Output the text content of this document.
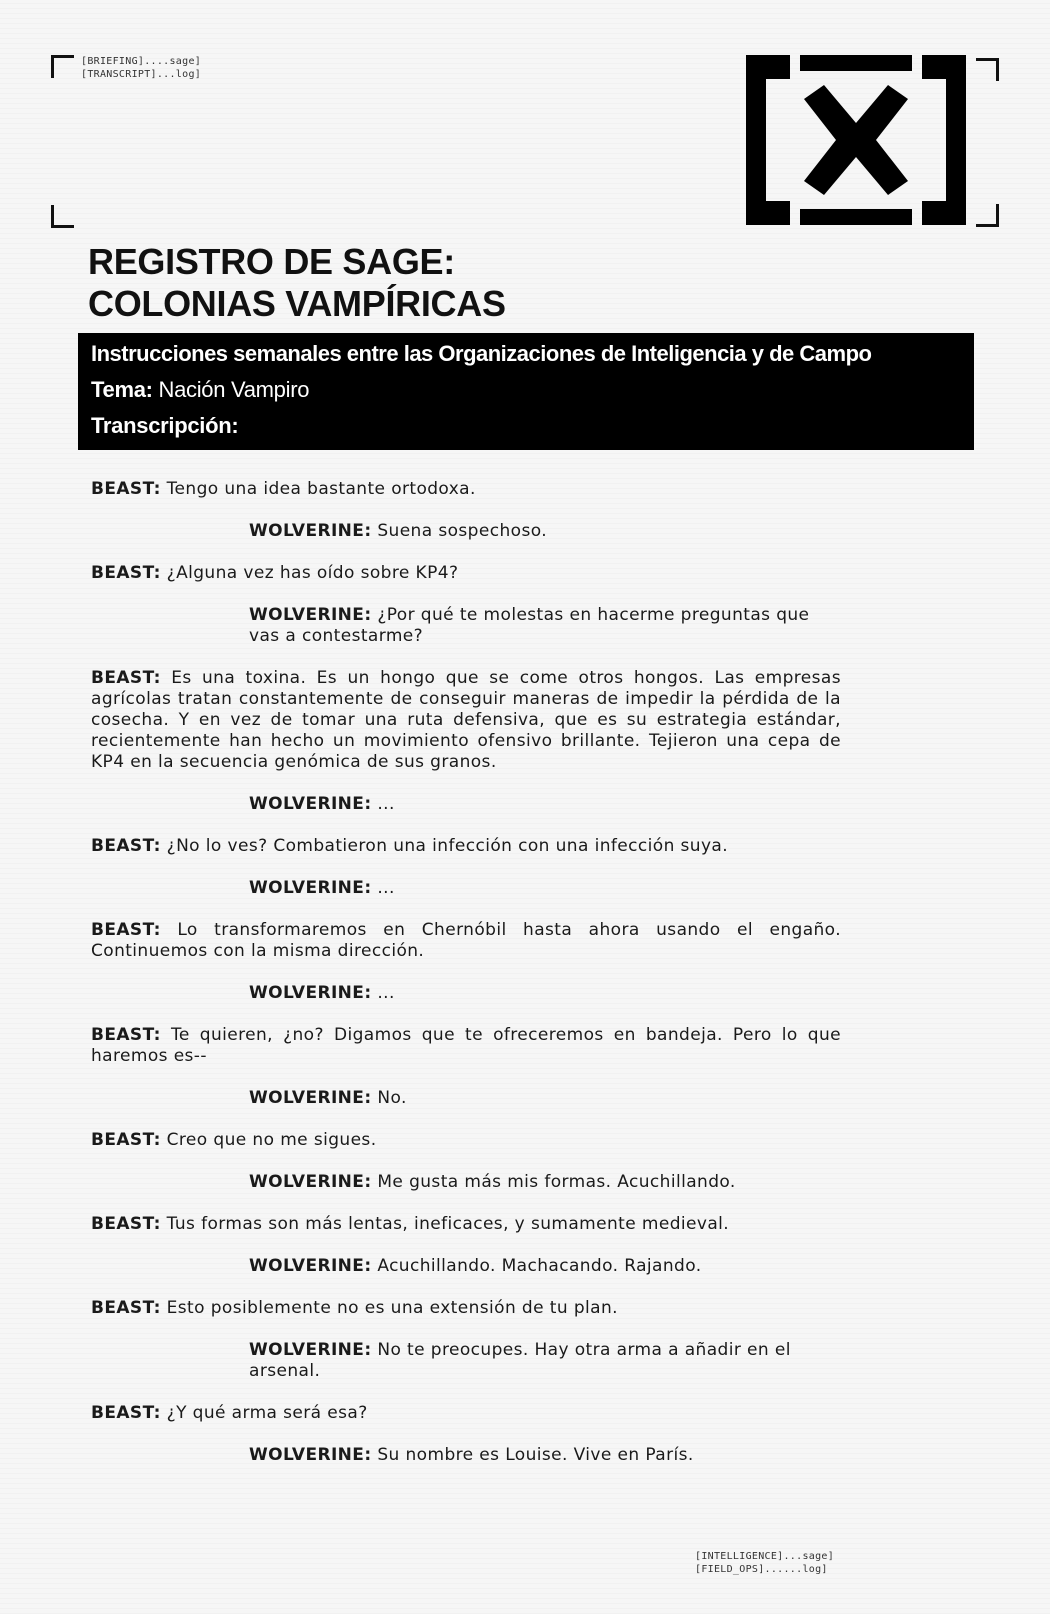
[BRIEFING]....sage]
[TRANSCRIPT]...log]
REGISTRO DE SAGE:
COLONIAS VAMPÍRICAS
Instrucciones semanales entre las Organizaciones de Inteligencia y de Campo
Tema: Nación Vampiro
Transcripción:

BEAST: Tengo una idea bastante ortodoxa.

WOLVERINE: Suena sospechoso.

BEAST: ¿Alguna vez has oído sobre KP4?

WOLVERINE: ¿Por qué te molestas en hacerme preguntas que vas a contestarme?

BEAST: Es una toxina. Es un hongo que se come otros hongos. Las empresas agrícolas tratan constantemente de conseguir maneras de impedir la pérdida de la cosecha. Y en vez de tomar una ruta defensiva, que es su estrategia estándar, recientemente han hecho un movimiento ofensivo brillante. Tejieron una cepa de KP4 en la secuencia genómica de sus granos.

WOLVERINE: ...

BEAST: ¿No lo ves? Combatieron una infección con una infección suya.

WOLVERINE: ...

BEAST: Lo transformaremos en Chernóbil hasta ahora usando el engaño. Continuemos con la misma dirección.

WOLVERINE: ...

BEAST: Te quieren, ¿no? Digamos que te ofreceremos en bandeja. Pero lo que haremos es--

WOLVERINE: No.

BEAST: Creo que no me sigues.

WOLVERINE: Me gusta más mis formas. Acuchillando.

BEAST: Tus formas son más lentas, ineficaces, y sumamente medieval.

WOLVERINE: Acuchillando. Machacando. Rajando.

BEAST: Esto posiblemente no es una extensión de tu plan.

WOLVERINE: No te preocupes. Hay otra arma a añadir en el arsenal.

BEAST: ¿Y qué arma será esa?

WOLVERINE: Su nombre es Louise. Vive en París.

[INTELLIGENCE]...sage]
[FIELD_OPS]......log]
